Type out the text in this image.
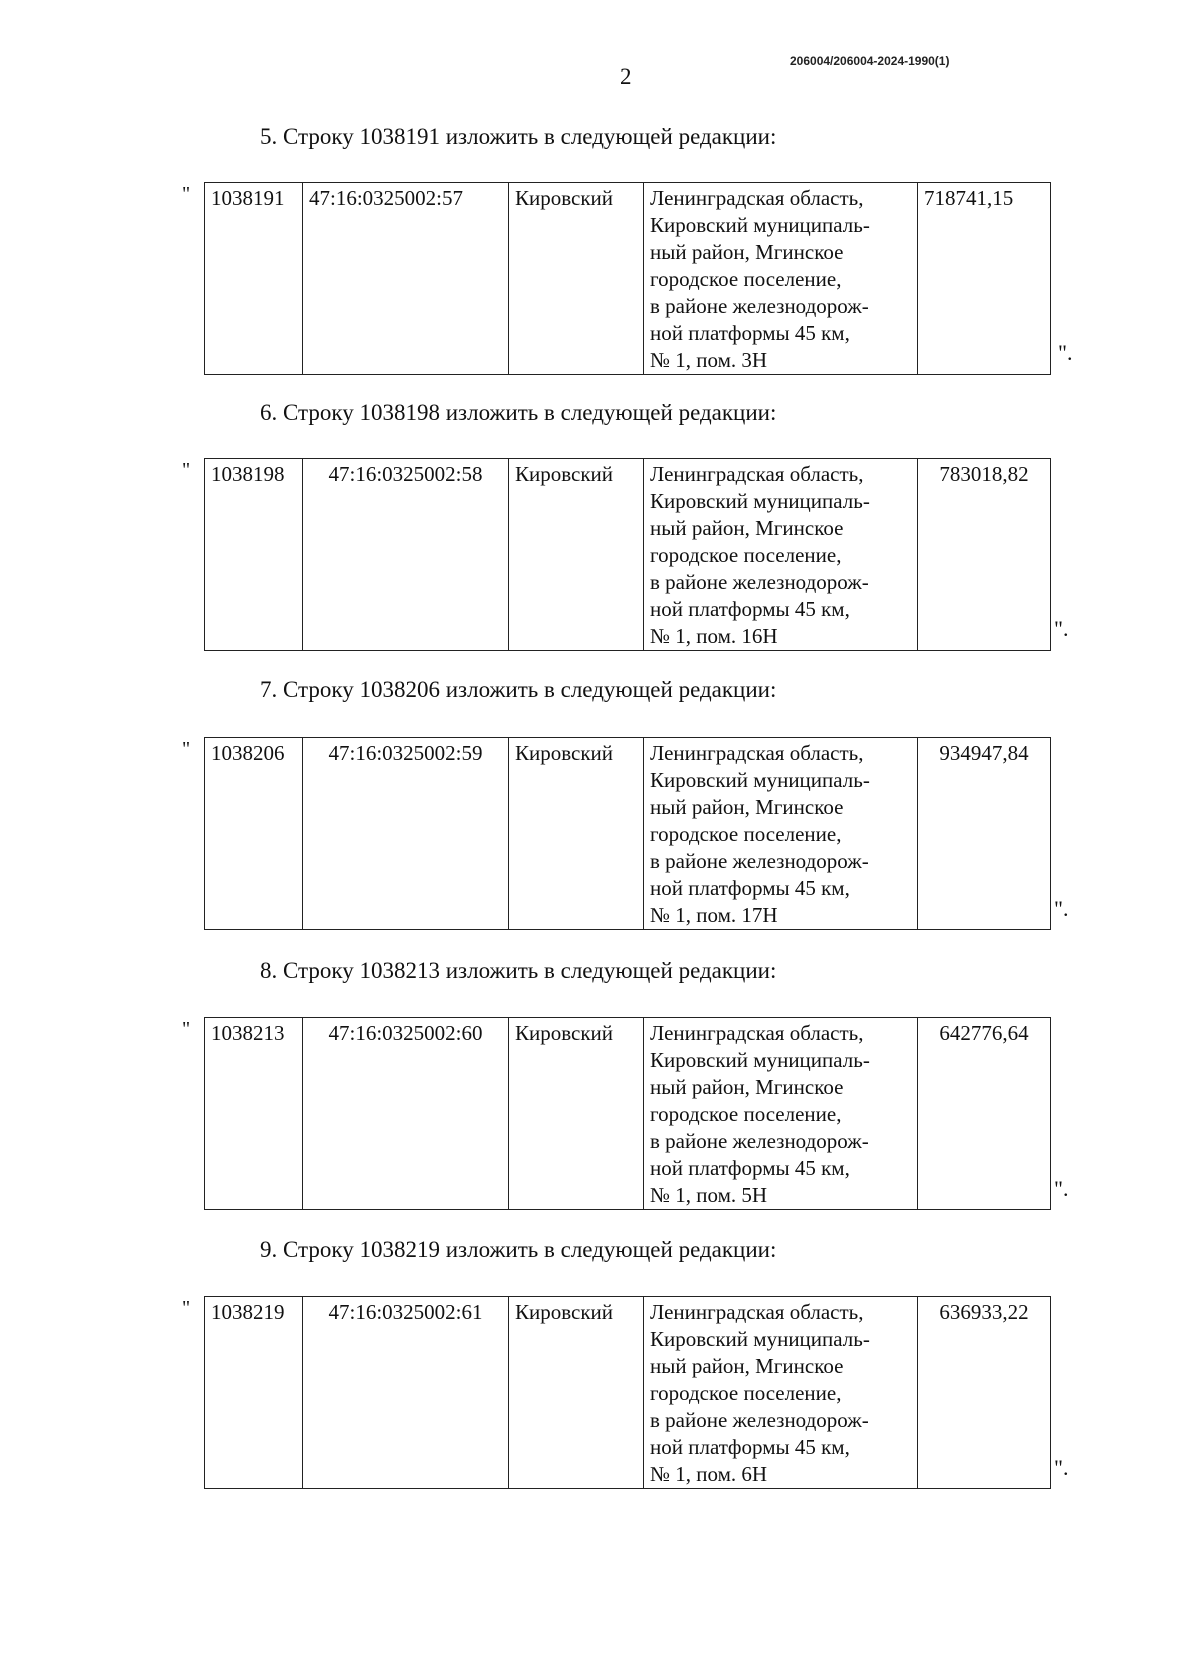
206004/206004-2024-1990(1)
2
5. Строку 1038191 изложить в следующей редакции:
" 1038191	47:16:0325002:57	Кировский	Ленинградская область,
Кировский муниципаль-
ный район, Мгинское
городское поселение,
в районе железнодорож-
ной платформы 45 км,
№ 1, пом. 3Н
	718741,15
".
6. Строку 1038198 изложить в следующей редакции:
" 1038198	47:16:0325002:58	Кировский	Ленинградская область,
Кировский муниципаль-
ный район, Мгинское
городское поселение,
в районе железнодорож-
ной платформы 45 км,
№ 1, пом. 16Н
	783018,82
".
7. Строку 1038206 изложить в следующей редакции:
" 1038206	47:16:0325002:59	Кировский	Ленинградская область,
Кировский муниципаль-
ный район, Мгинское
городское поселение,
в районе железнодорож-
ной платформы 45 км,
№ 1, пом. 17Н
	934947,84
".
8. Строку 1038213 изложить в следующей редакции:
" 1038213	47:16:0325002:60	Кировский	Ленинградская область,
Кировский муниципаль-
ный район, Мгинское
городское поселение,
в районе железнодорож-
ной платформы 45 км,
№ 1, пом. 5Н
	642776,64
".
9. Строку 1038219 изложить в следующей редакции:
" 1038219	47:16:0325002:61	Кировский	Ленинградская область,
Кировский муниципаль-
ный район, Мгинское
городское поселение,
в районе железнодорож-
ной платформы 45 км,
№ 1, пом. 6Н
	636933,22
".
